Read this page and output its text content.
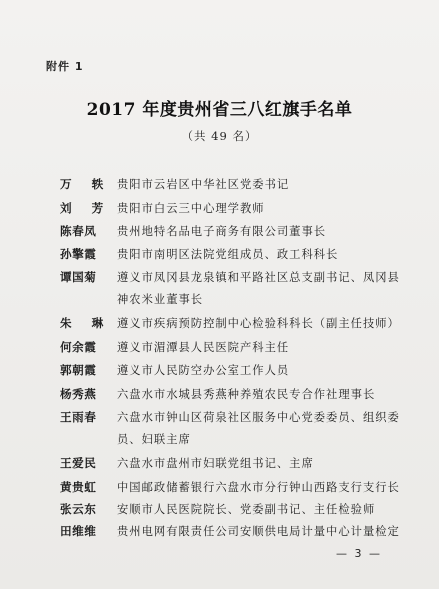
附件 1
2017 年度贵州省三八红旗手名单
（共 49 名）
万 轶 贵阳市云岩区中华社区党委书记
刘 芳 贵阳市白云三中心理学教师
陈春凤 贵州地特名品电子商务有限公司董事长
孙擎霞 贵阳市南明区法院党组成员、政工科科长
谭国菊 遵义市凤冈县龙泉镇和平路社区总支副书记、凤冈县
神农米业董事长
朱 琳 遵义市疾病预防控制中心检验科科长（副主任技师）
何余霞 遵义市湄潭县人民医院产科主任
郭朝霞 遵义市人民防空办公室工作人员
杨秀燕 六盘水市水城县秀燕种养殖农民专合作社理事长
王雨春 六盘水市钟山区荷泉社区服务中心党委委员、组织委
员、妇联主席
王爱民 六盘水市盘州市妇联党组书记、主席
黄贵虹 中国邮政储蓄银行六盘水市分行钟山西路支行支行长
张云东 安顺市人民医院院长、党委副书记、主任检验师
田维维 贵州电网有限责任公司安顺供电局计量中心计量检定
— 3 —
